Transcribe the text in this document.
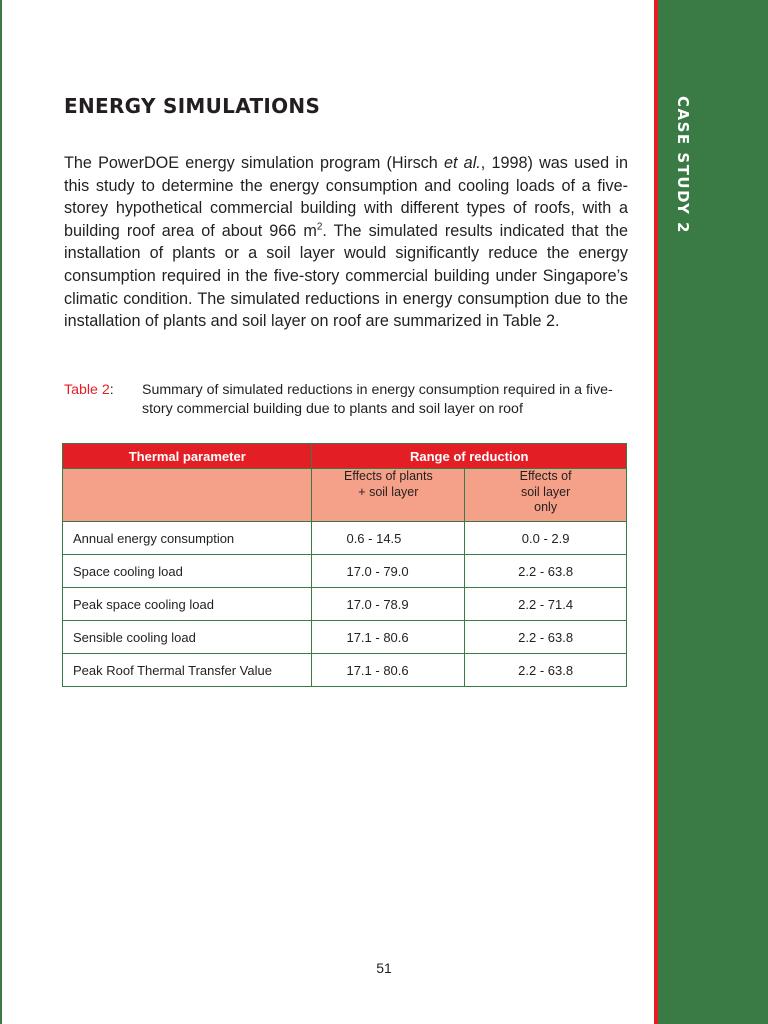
CASE STUDY 2
ENERGY SIMULATIONS

The PowerDOE energy simulation program (Hirsch et al., 1998) was used in this study to determine the energy consumption and cooling loads of a five-storey hypothetical commercial building with different types of roofs, with a building roof area of about 966 $m^2$. The simulated results indicated that the installation of plants or a soil layer would significantly reduce the energy consumption required in the five-story commercial building under Singapore’s climatic condition. The simulated reductions in energy consumption due to the installation of plants and soil layer on roof are summarized in Table 2.

Table 2: Summary of simulated reductions in energy consumption required in a five-story commercial building due to plants and soil layer on roof
Thermal parameter	Range of reduction	

	Effects of plants + soil layer	Effects of soil layer only

Annual energy consumption	0.6 - 14.5	0.0 - 2.9
Space cooling load	17.0 - 79.0	2.2 - 63.8
Peak space cooling load	17.0 - 78.9	2.2 - 71.4
Sensible cooling load	17.1 - 80.6	2.2 - 63.8
Peak Roof Thermal Transfer Value	17.1 - 80.6	2.2 - 63.8
51
